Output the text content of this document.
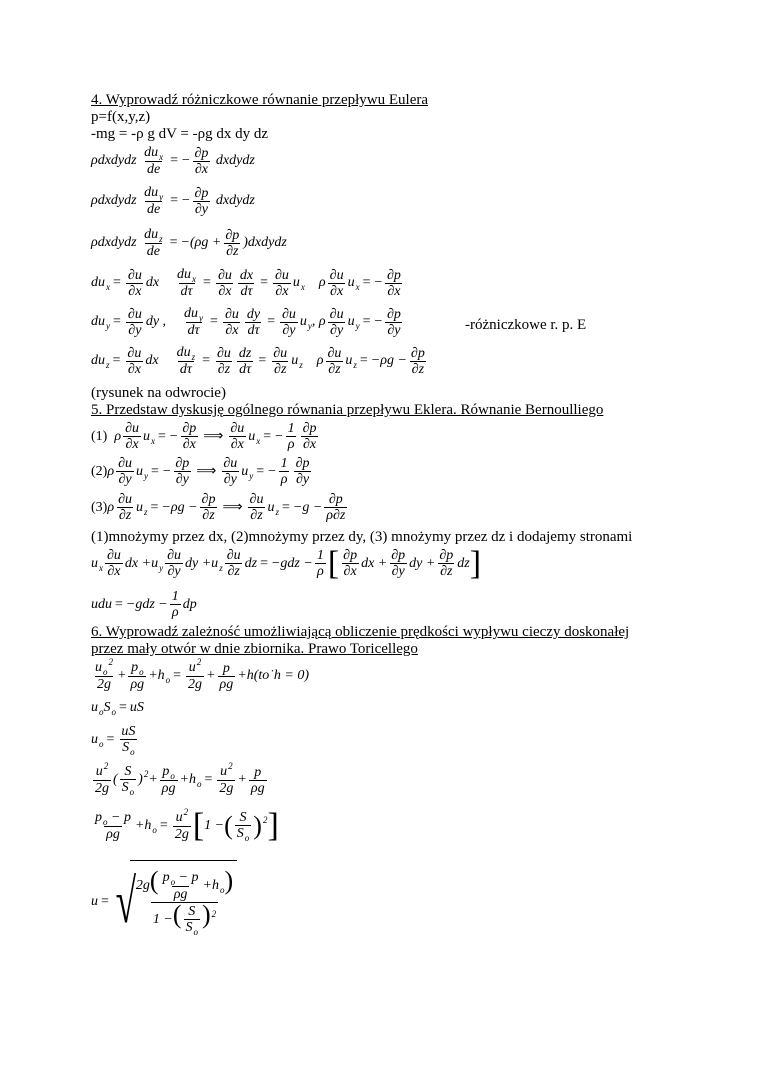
4. Wyprowadź różniczkowe równanie przepływu Eulera
p=f(x,y,z)
-mg = -ρ g dV = -ρg dx dy dz
ρdxdydz $\frac{du_x}{de}$ = − $\frac{\partial p}{\partial x}$ dxdydz
ρdxdydz $\frac{du_y}{de}$ = − $\frac{\partial p}{\partial y}$ dxdydz
ρdxdydz $\frac{du_z}{de} = -(\rho g + \frac{\partial p}{\partial z}$ )dxdydz
du $x = \frac{\partial u}{\partial x}$ dx $\frac{du_x}{d\tau} = \frac{\partial u}{\partial x} \frac{dx}{d\tau} = \frac{\partial u}{\partial x}$ u x ρ $\frac{\partial u}{\partial x}$ u x = − $\frac{\partial p}{\partial x}$
du $y = \frac{\partial u}{\partial y}$ dy , $\frac{du_y}{d\tau} = \frac{\partial u}{\partial x} \frac{dy}{d\tau} = \frac{\partial u}{\partial y}$ u y , ρ $\frac{\partial u}{\partial y}$ u y = − $\frac{\partial p}{\partial y}$	-różniczkowe r. p. E
du $z = \frac{\partial u}{\partial x}$ dx $\frac{du_z}{d\tau} = \frac{\partial u}{\partial z} \frac{dz}{d\tau} = \frac{\partial u}{\partial z}$ u z ρ $\frac{\partial u}{\partial z}$ u $z = -\rho g - \frac{\partial p}{\partial z}$
(rysunek na odwrocie)
5. Przedstaw dyskusję ogólnego równania przepływu Eklera. Równanie Bernoulliego
(1) ρ $\frac{\partial u}{\partial x}$ u x = − $\frac{\partial p}{\partial x}$ ⟹ $\frac{\partial u}{\partial x}$ u x = − $\frac{1}{\rho} \frac{\partial p}{\partial x}$
(2) ρ $\frac{\partial u}{\partial y}$ u y = − $\frac{\partial p}{\partial y}$ ⟹ $\frac{\partial u}{\partial y}$ u y = − $\frac{1}{\rho} \frac{\partial p}{\partial y}$
(3) ρ $\frac{\partial u}{\partial z}$ u $z = -\rho g - \frac{\partial p}{\partial z}$ ⟹ $\frac{\partial u}{\partial z}$ u $z = -g - \frac{\partial p}{\rho\partial z}$
(1)mnożymy przez dx, (2)mnożymy przez dy, (3) mnożymy przez dz i dodajemy stronami
u x $\frac{\partial u}{\partial x}$ dx +u y $\frac{\partial u}{\partial y}$ dy +u z $\frac{\partial u}{\partial z}$ dz = $-gdz - \frac{1}{\rho}$ [ $\frac{\partial p}{\partial x}$ dx + $\frac{\partial p}{\partial y}$ dy + $\frac{\partial p}{\partial z}$ dz ]
udu = $-gdz - \frac{1}{\rho}$ dp
6. Wyprowadź zależność umożliwiającą obliczenie prędkości wypływu cieczy doskonałej
przez mały otwór w dnie zbiornika. Prawo Toricellego
$\frac{u_o^2}{2g} + \frac{p_o}{\rho g} +h$ $o = \frac{u^2}{2g} + \frac{p}{\rho g}$ + h(to˙h = 0)
u o S o = uS
u $o = \frac{uS}{S_o}$
$\frac{u^2}{2g}$ ( $\frac{S}{S_o}$ ) $2 + \frac{p_o}{\rho g} +h$ $o = \frac{u^2}{2g} + \frac{p}{\rho g}$
$\frac{p_o - p}{\rho g} +h$ $o = \frac{u^2}{2g}$ [ 1 − ( $\frac{S}{S_o}$ ) 2 ]
u = √
$\frac{2g( \frac{p_o - p}{\rho g} +h_o)}{1 -( \frac{S}{S_o} )^2}$
